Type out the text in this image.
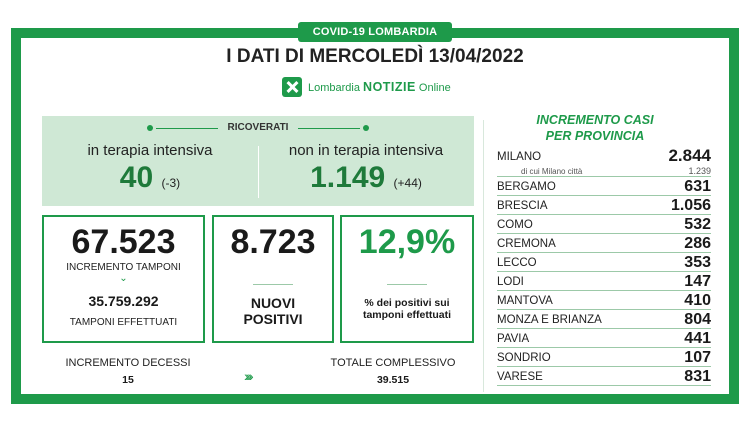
COVID-19 LOMBARDIA
I DATI DI MERCOLEDÌ 13/04/2022
Lombardia NOTIZIE Online
RICOVERATI
in terapia intensiva
40 (-3)
non in terapia intensiva
1.149 (+44)
67.523
INCREMENTO TAMPONI
⌄
35.759.292
TAMPONI EFFETTUATI
8.723
NUOVI
POSITIVI
12,9%
% dei positivi sui
tamponi effettuati
INCREMENTO DECESSI
15	››››
TOTALE COMPLESSIVO
39.515
INCREMENTO CASI
PER PROVINCIA
MILANO	2.844
di cui Milano città	1.239
BERGAMO	631
BRESCIA	1.056
COMO	532
CREMONA	286
LECCO	353
LODI	147
MANTOVA	410
MONZA E BRIANZA	804
PAVIA	441
SONDRIO	107
VARESE	831
